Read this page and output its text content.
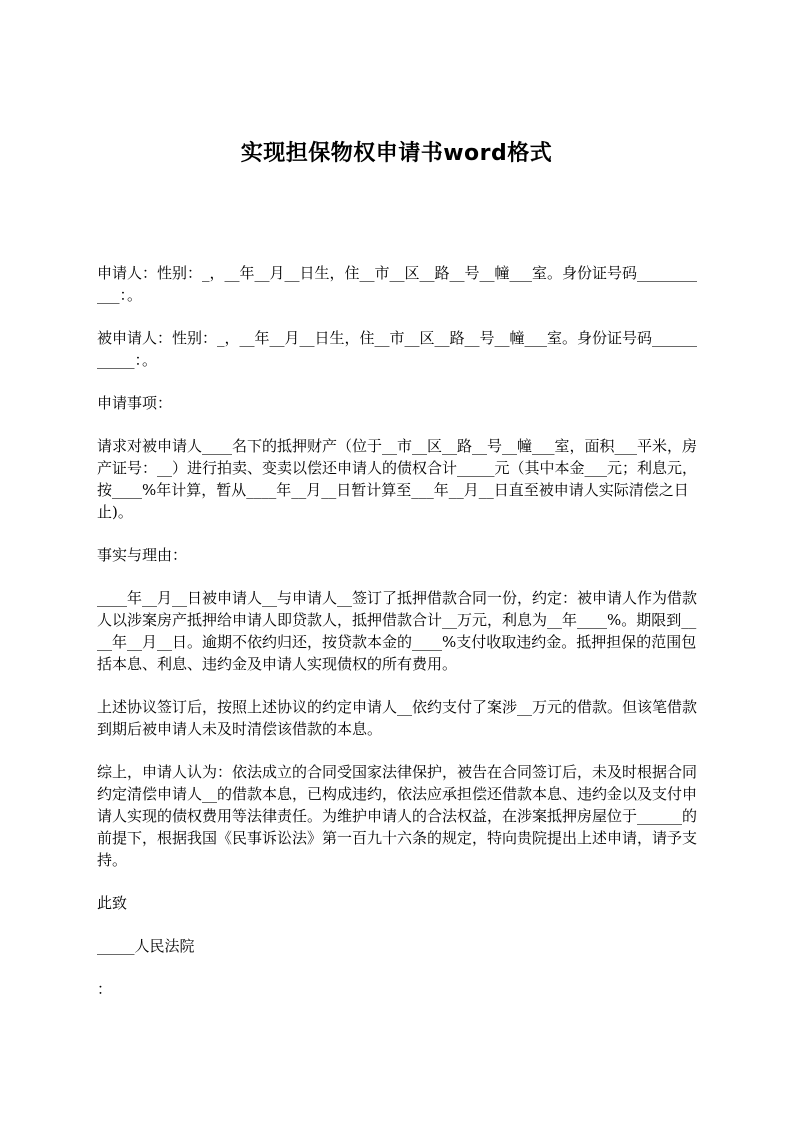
实现担保物权申请书word格式

申请人：性别：_，__年__月__日生，住__市__区__路__号__幢___室。身份证号码___________：。

被申请人：性别：_，__年__月__日生，住__市__区__路__号__幢___室。身份证号码___________：。

申请事项：

请求对被申请人____名下的抵押财产（位于__市__区__路__号__幢___室，面积___平米，房产证号：__）进行拍卖、变卖以偿还申请人的债权合计_____元（其中本金___元；利息元，按____%年计算，暂从____年__月__日暂计算至___年__月__日直至被申请人实际清偿之日止)。

事实与理由：

____年__月__日被申请人__与申请人__签订了抵押借款合同一份，约定：被申请人作为借款人以涉案房产抵押给申请人即贷款人，抵押借款合计__万元，利息为__年____%。期限到____年__月__日。逾期不依约归还，按贷款本金的____%支付收取违约金。抵押担保的范围包括本息、利息、违约金及申请人实现债权的所有费用。

上述协议签订后，按照上述协议的约定申请人__依约支付了案涉__万元的借款。但该笔借款到期后被申请人未及时清偿该借款的本息。

综上，申请人认为：依法成立的合同受国家法律保护，被告在合同签订后，未及时根据合同约定清偿申请人__的借款本息，已构成违约，依法应承担偿还借款本息、违约金以及支付申请人实现的债权费用等法律责任。为维护申请人的合法权益，在涉案抵押房屋位于______的前提下，根据我国《民事诉讼法》第一百九十六条的规定，特向贵院提出上述申请，请予支持。

此致

_____人民法院

：
